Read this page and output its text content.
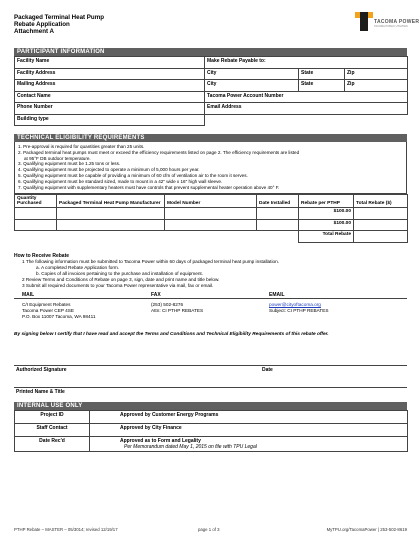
Packaged Terminal Heat Pump
Rebate Application
Attachment A
TACOMA POWER
TACOMA PUBLIC UTILITIES
PARTICIPANT INFORMATION
Facility Name	Make Rebate Payable to:		
Facility Address	City	State	Zip
Mailing Address	City	State	Zip
Contact Name	Tacoma Power Account Number		
Phone Number	Email Address		
Building type			
TECHNICAL ELIGIBILITY REQUIREMENTS
1. Pre-approval is required for quantities greater than 25 units.
2. Packaged terminal heat pumps must meet or exceed the efficiency requirements listed on page 2. The efficiency requirements are listed
at 95°F DB outdoor temperature.
3. Qualifying equipment must be 1.25 tons or less.
4. Qualifying equipment must be projected to operate a minimum of 5,000 hours per year.
5. Qualifying equipment must be capable of providing a minimum of 60 cfm of ventilation air to the room it serves.
6. Qualifying equipment must be standard sized, made to mount in a 42" wide x 16" high wall sleeve.
7. Qualifying equipment with supplementary heaters must have controls that prevent supplemental heater operation above 40° F.
Quantity Purchased	Packaged Terminal Heat Pump Manufacturer	Model Number	Date Installed	Rebate per PTHP	Total Rebate ($)
				$100.00	
				$100.00	
				Total Rebate	
How to Receive Rebate
1 The following information must be submitted to Tacoma Power within 60 days of packaged terminal heat pump installation.
a. A completed Rebate Application form.
b. Copies of all invoices pertaining to the purchase and installation of equipment.
2 Review Terms and Conditions of Rebate on page 3, sign, date and print name and title below.
3 Submit all required documents to your Tacoma Power representative via mail, fax or email.
MAIL	FAX	EMAIL
C/I Equipment Rebates
Tacoma Power CEP 4SE
P.O. Box 11007 Tacoma, WA 98411
(253) 502-8276
Attn: CI PTHP REBATES
power@cityoftacoma.org
Subject: CI PTHP REBATES
By signing below I certify that I have read and accept the Terms and Conditions and Technical Eligibility Requirements of this rebate offer.
Authorized Signature	Date
Printed Name & Title
INTERNAL USE ONLY
Project ID	Approved by Customer Energy Programs
Staff Contact	Approved by City Finance
Date Rec'd	Approved as to Form and Legality
Per Memorandum dated May 1, 2015 on file with TPU Legal
PTHP Rebate – MASTER – 05/3014; revised 12/19/17	page 1 of 3	MyTPU.org/TacomaPower | 253-502-8619
